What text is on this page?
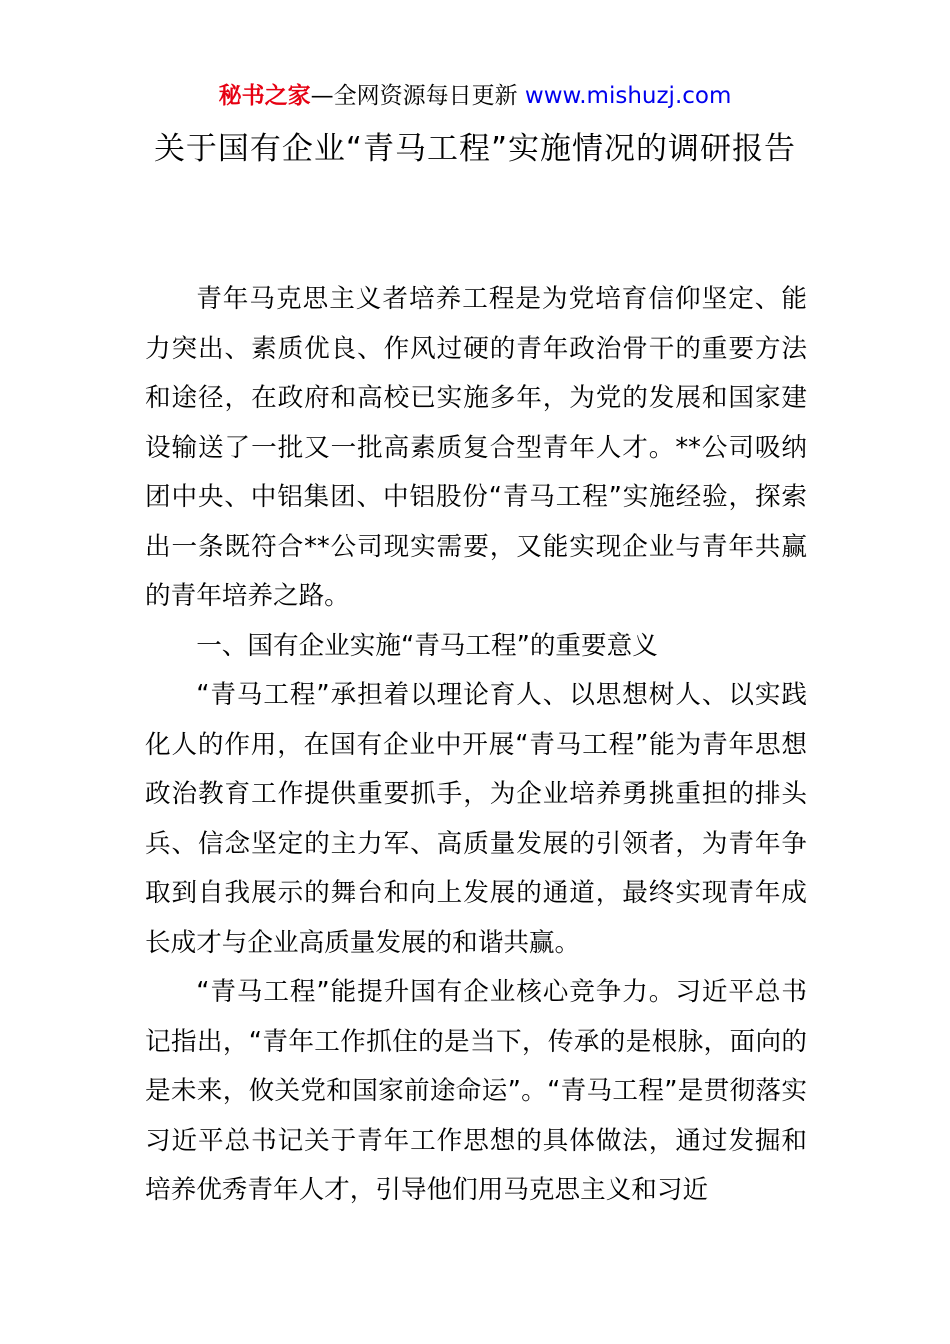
秘书之家—全网资源每日更新 www.mishuzj.com
关于国有企业“青马工程”实施情况的调研报告

青年马克思主义者培养工程是为党培育信仰坚定、能力突出、素质优良、作风过硬的青年政治骨干的重要方法和途径，在政府和高校已实施多年，为党的发展和国家建设输送了一批又一批高素质复合型青年人才。**公司吸纳团中央、中铝集团、中铝股份“青马工程”实施经验，探索出一条既符合**公司现实需要，又能实现企业与青年共赢的青年培养之路。

一、国有企业实施“青马工程”的重要意义

“青马工程”承担着以理论育人、以思想树人、以实践化人的作用，在国有企业中开展“青马工程”能为青年思想政治教育工作提供重要抓手，为企业培养勇挑重担的排头兵、信念坚定的主力军、高质量发展的引领者，为青年争取到自我展示的舞台和向上发展的通道，最终实现青年成长成才与企业高质量发展的和谐共赢。

“青马工程”能提升国有企业核心竞争力。习近平总书记指出，“青年工作抓住的是当下，传承的是根脉，面向的是未来，攸关党和国家前途命运”。“青马工程”是贯彻落实习近平总书记关于青年工作思想的具体做法，通过发掘和培养优秀青年人才，引导他们用马克思主义和习近
